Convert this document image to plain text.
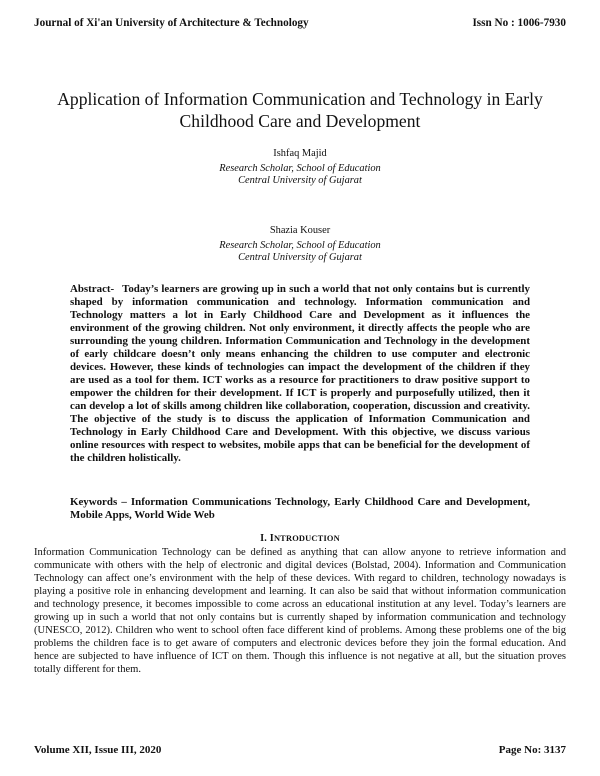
Journal of Xi'an University of Architecture & Technology	Issn No : 1006-7930
Application of Information Communication and Technology in Early Childhood Care and Development
Ishfaq Majid
Research Scholar, School of Education
Central University of Gujarat
Shazia Kouser
Research Scholar, School of Education
Central University of Gujarat
Abstract- Today’s learners are growing up in such a world that not only contains but is currently shaped by information communication and technology. Information communication and Technology matters a lot in Early Childhood Care and Development as it influences the environment of the growing children. Not only environment, it directly affects the people who are surrounding the young children. Information Communication and Technology in the development of early childcare doesn’t only means enhancing the children to use computer and electronic devices. However, these kinds of technologies can impact the development of the children if they are used as a tool for them. ICT works as a resource for practitioners to draw positive support to empower the children for their development. If ICT is properly and purposefully utilized, then it can develop a lot of skills among children like collaboration, cooperation, discussion and creativity. The objective of the study is to discuss the application of Information Communication and Technology in Early Childhood Care and Development. With this objective, we discuss various online resources with respect to websites, mobile apps that can be beneficial for the development of the children holistically.
Keywords – Information Communications Technology, Early Childhood Care and Development, Mobile Apps, World Wide Web
I. INTRODUCTION
Information Communication Technology can be defined as anything that can allow anyone to retrieve information and communicate with others with the help of electronic and digital devices (Bolstad, 2004). Information and Communication Technology can affect one’s environment with the help of these devices. With regard to children, technology nowadays is playing a positive role in enhancing development and learning. It can also be said that without information communication and technology presence, it becomes impossible to come across an educational institution at any level. Today’s learners are growing up in such a world that not only contains but is currently shaped by information communication and technology (UNESCO, 2012). Children who went to school often face different kind of problems. Among these problems one of the big problems the children face is to get aware of computers and electronic devices before they join the formal education. And hence are subjected to have influence of ICT on them. Though this influence is not negative at all, but the situation proves totally different for them.
Volume XII, Issue III, 2020	Page No: 3137
